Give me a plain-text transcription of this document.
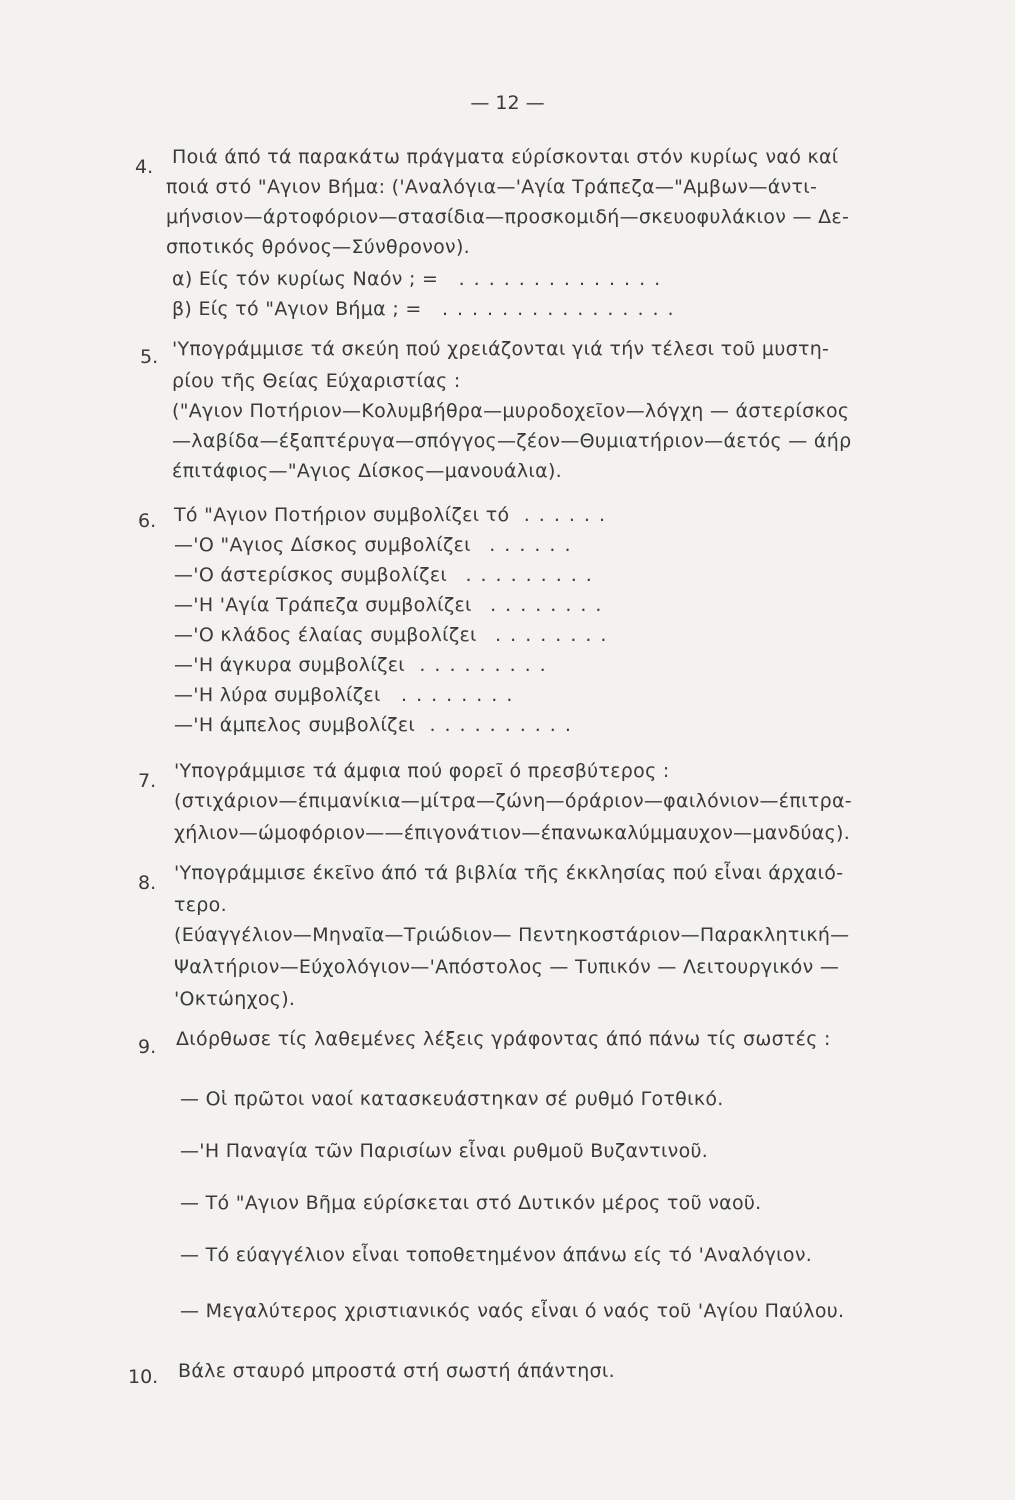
— 12 —
4. Ποιά άπό τά παρακάτω πράγματα εύρίσκονται στόν κυρίως ναό καί
ποιά στό "Αγιον Βήμα: ('Αναλόγια—'Αγία Τράπεζα—"Αμβων—άντι-
μήνσιον—άρτοφόριον—στασίδια—προσκομιδή—σκευοφυλάκιον — Δε-
σποτικός θρόνος—Σύνθρονον).
α) Είς τόν κυρίως Ναόν ; = ..............
β) Είς τό "Αγιον Βήμα ; = ................
5. 'Υπογράμμισε τά σκεύη πού χρειάζονται γιά τήν τέλεσι τοῦ μυστη-
ρίου τῆς Θείας Εύχαριστίας :
("Αγιον Ποτήριον—Κολυμβήθρα—μυροδοχεῖον—λόγχη — άστερίσκος
—λαβίδα—έξαπτέρυγα—σπόγγος—ζέον—Θυμιατήριον—άετός — άήρ
έπιτάφιος—"Αγιος Δίσκος—μανουάλια).
6. Τό "Αγιον Ποτήριον συμβολίζει τό ......
—'Ο "Αγιος Δίσκος συμβολίζει ......
—'Ο άστερίσκος συμβολίζει .........
—'Η 'Αγία Τράπεζα συμβολίζει ........
—'Ο κλάδος έλαίας συμβολίζει ........
—'Η άγκυρα συμβολίζει .........
—'Η λύρα συμβολίζει ........
—'Η άμπελος συμβολίζει ..........
7. 'Υπογράμμισε τά άμφια πού φορεῖ ό πρεσβύτερος :
(στιχάριον—έπιμανίκια—μίτρα—ζώνη—όράριον—φαιλόνιον—έπιτρα-
χήλιον—ώμοφόριον——έπιγονάτιον—έπανωκαλύμμαυχον—μανδύας).
8. 'Υπογράμμισε έκεῖνο άπό τά βιβλία τῆς έκκλησίας πού εἶναι άρχαιό-
τερο.
(Εύαγγέλιον—Μηναῖα—Τριώδιον— Πεντηκοστάριον—Παρακλητική—
Ψαλτήριον—Εύχολόγιον—'Απόστολος — Τυπικόν — Λειτουργικόν —
'Οκτώηχος).
9. Διόρθωσε τίς λαθεμένες λέξεις γράφοντας άπό πάνω τίς σωστές :
— Οἱ πρῶτοι ναοί κατασκευάστηκαν σέ ρυθμό Γοτθικό.
—'Η Παναγία τῶν Παρισίων εἶναι ρυθμοῦ Βυζαντινοῦ.
— Τό "Αγιον Βῆμα εύρίσκεται στό Δυτικόν μέρος τοῦ ναοῦ.
— Τό εύαγγέλιον εἶναι τοποθετημένον άπάνω είς τό 'Αναλόγιον.
— Μεγαλύτερος χριστιανικός ναός εἶναι ό ναός τοῦ 'Αγίου Παύλου.
10. Βάλε σταυρό μπροστά στή σωστή άπάντησι.
